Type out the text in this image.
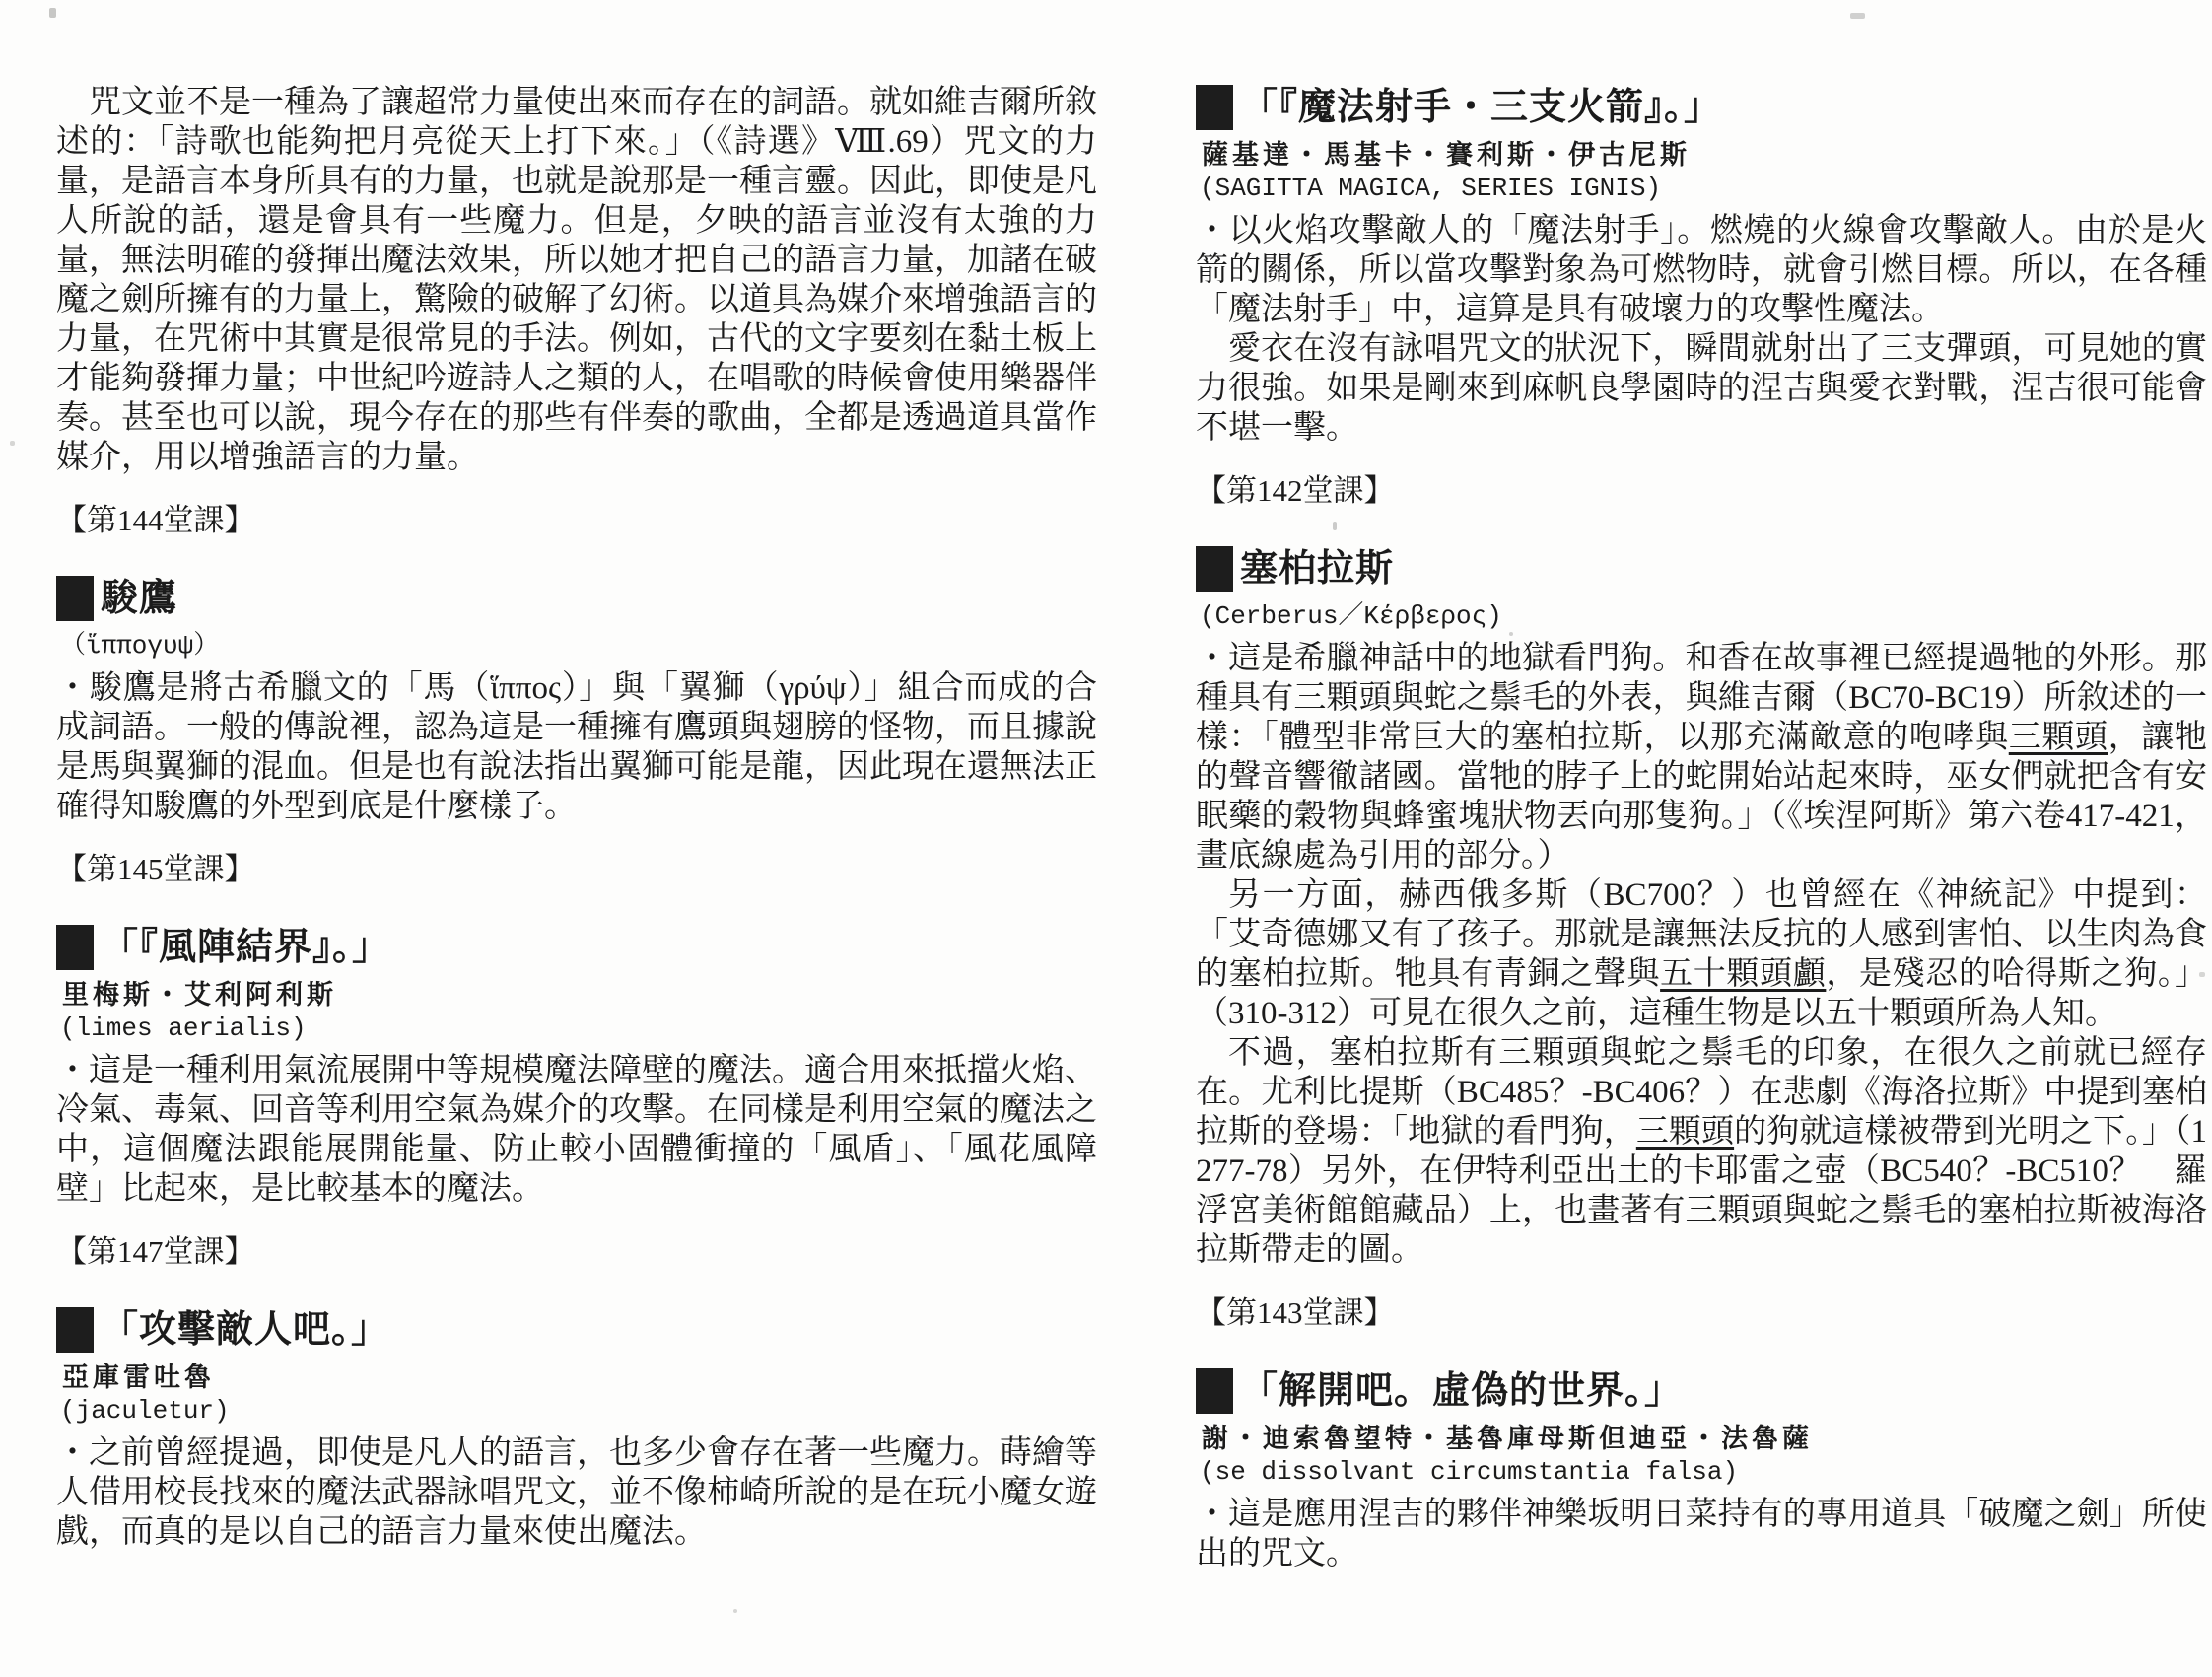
咒文並不是一種為了讓超常力量使出來而存在的詞語。就如維吉爾所敘述的：「詩歌也能夠把月亮從天上打下來。」（《詩選》Ⅷ.69）咒文的力量，是語言本身所具有的力量，也就是說那是一種言靈。因此，即使是凡人所說的話，還是會具有一些魔力。但是，夕映的語言並沒有太強的力量，無法明確的發揮出魔法效果，所以她才把自己的語言力量，加諸在破魔之劍所擁有的力量上，驚險的破解了幻術。以道具為媒介來增強語言的力量，在咒術中其實是很常見的手法。例如，古代的文字要刻在黏土板上才能夠發揮力量；中世紀吟遊詩人之類的人，在唱歌的時候會使用樂器伴奏。甚至也可以說，現今存在的那些有伴奏的歌曲，全都是透過道具當作媒介，用以增強語言的力量。

【第144堂課】

駿鷹

（ἵππογυψ）

・駿鷹是將古希臘文的「馬（ἵππος）」與「翼獅（γρύψ）」組合而成的合成詞語。一般的傳說裡，認為這是一種擁有鷹頭與翅膀的怪物，而且據說是馬與翼獅的混血。但是也有說法指出翼獅可能是龍，因此現在還無法正確得知駿鷹的外型到底是什麼樣子。

【第145堂課】

「『風陣結界』。」

里梅斯・艾利阿利斯

(limes aerialis)

・這是一種利用氣流展開中等規模魔法障壁的魔法。適合用來抵擋火焰、冷氣、毒氣、回音等利用空氣為媒介的攻擊。在同樣是利用空氣的魔法之中，這個魔法跟能展開能量、防止較小固體衝撞的「風盾」、「風花風障壁」比起來，是比較基本的魔法。

【第147堂課】

「攻擊敵人吧。」

亞庫雷吐魯

(jaculetur)

・之前曾經提過，即使是凡人的語言，也多少會存在著一些魔力。蒔繪等人借用校長找來的魔法武器詠唱咒文，並不像柿崎所說的是在玩小魔女遊戲，而真的是以自己的語言力量來使出魔法。

「『魔法射手・三支火箭』。」

薩基達・馬基卡・賽利斯・伊古尼斯

(SAGITTA MAGICA, SERIES IGNIS)

・以火焰攻擊敵人的「魔法射手」。燃燒的火線會攻擊敵人。由於是火箭的關係，所以當攻擊對象為可燃物時，就會引燃目標。所以，在各種「魔法射手」中，這算是具有破壞力的攻擊性魔法。

愛衣在沒有詠唱咒文的狀況下，瞬間就射出了三支彈頭，可見她的實力很強。如果是剛來到麻帆良學園時的涅吉與愛衣對戰，涅吉很可能會不堪一擊。

【第142堂課】

塞柏拉斯

(Cerberus／Κέρβερος)

・這是希臘神話中的地獄看門狗。和香在故事裡已經提過牠的外形。那種具有三顆頭與蛇之鬃毛的外表，與維吉爾（BC70-BC19）所敘述的一樣：「體型非常巨大的塞柏拉斯，以那充滿敵意的咆哮與三顆頭，讓牠的聲音響徹諸國。當牠的脖子上的蛇開始站起來時，巫女們就把含有安眠藥的穀物與蜂蜜塊狀物丟向那隻狗。」（《埃涅阿斯》第六卷417-421，畫底線處為引用的部分。）

另一方面，赫西俄多斯（BC700？）也曾經在《神統記》中提到：「艾奇德娜又有了孩子。那就是讓無法反抗的人感到害怕、以生肉為食的塞柏拉斯。牠具有青銅之聲與五十顆頭顱，是殘忍的哈得斯之狗。」（310-312）可見在很久之前，這種生物是以五十顆頭所為人知。

不過，塞柏拉斯有三顆頭與蛇之鬃毛的印象，在很久之前就已經存在。尤利比提斯（BC485？-BC406？）在悲劇《海洛拉斯》中提到塞柏拉斯的登場：「地獄的看門狗，三顆頭的狗就這樣被帶到光明之下。」（1277-78）另外，在伊特利亞出土的卡耶雷之壺（BC540？-BC510？　羅浮宮美術館館藏品）上，也畫著有三顆頭與蛇之鬃毛的塞柏拉斯被海洛拉斯帶走的圖。

【第143堂課】

「解開吧。虛偽的世界。」

謝・迪索魯望特・基魯庫母斯但迪亞・法魯薩

(se dissolvant circumstantia falsa)

・這是應用涅吉的夥伴神樂坂明日菜持有的專用道具「破魔之劍」所使出的咒文。
